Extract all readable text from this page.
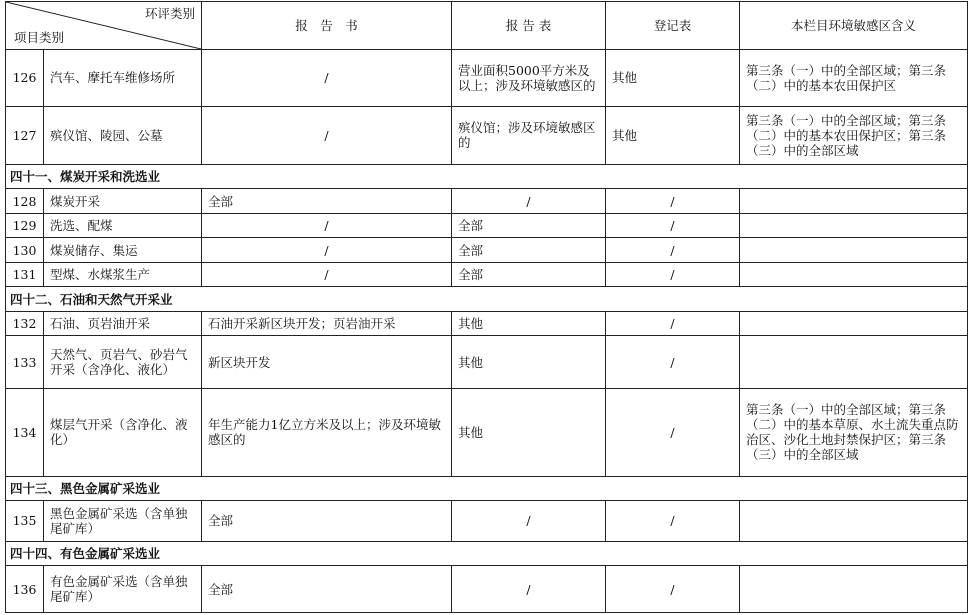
环评类别
项目类别		报　告　书	报 告 表	登记表	本栏目环境敏感区含义
126	汽车、摩托车维修场所	/	营业面积5000平方米及以上；涉及环境敏感区的	其他	第三条（一）中的全部区域；第三条（二）中的基本农田保护区
127	殡仪馆、陵园、公墓	/	殡仪馆；涉及环境敏感区的	其他	第三条（一）中的全部区域；第三条（二）中的基本农田保护区；第三条（三）中的全部区域
四十一、煤炭开采和洗选业					
128	煤炭开采	全部	/	/	
129	洗选、配煤	/	全部	/	
130	煤炭储存、集运	/	全部	/	
131	型煤、水煤浆生产	/	全部	/	
四十二、石油和天然气开采业					
132	石油、页岩油开采	石油开采新区块开发；页岩油开采	其他	/	
133	天然气、页岩气、砂岩气开采（含净化、液化）	新区块开发	其他	/	
134	煤层气开采（含净化、液化）	年生产能力1亿立方米及以上；涉及环境敏感区的	其他	/	第三条（一）中的全部区域；第三条（二）中的基本草原、水土流失重点防治区、沙化土地封禁保护区；第三条（三）中的全部区域
四十三、黑色金属矿采选业					
135	黑色金属矿采选（含单独尾矿库）	全部	/	/	
四十四、有色金属矿采选业					
136	有色金属矿采选（含单独尾矿库）	全部	/	/	
